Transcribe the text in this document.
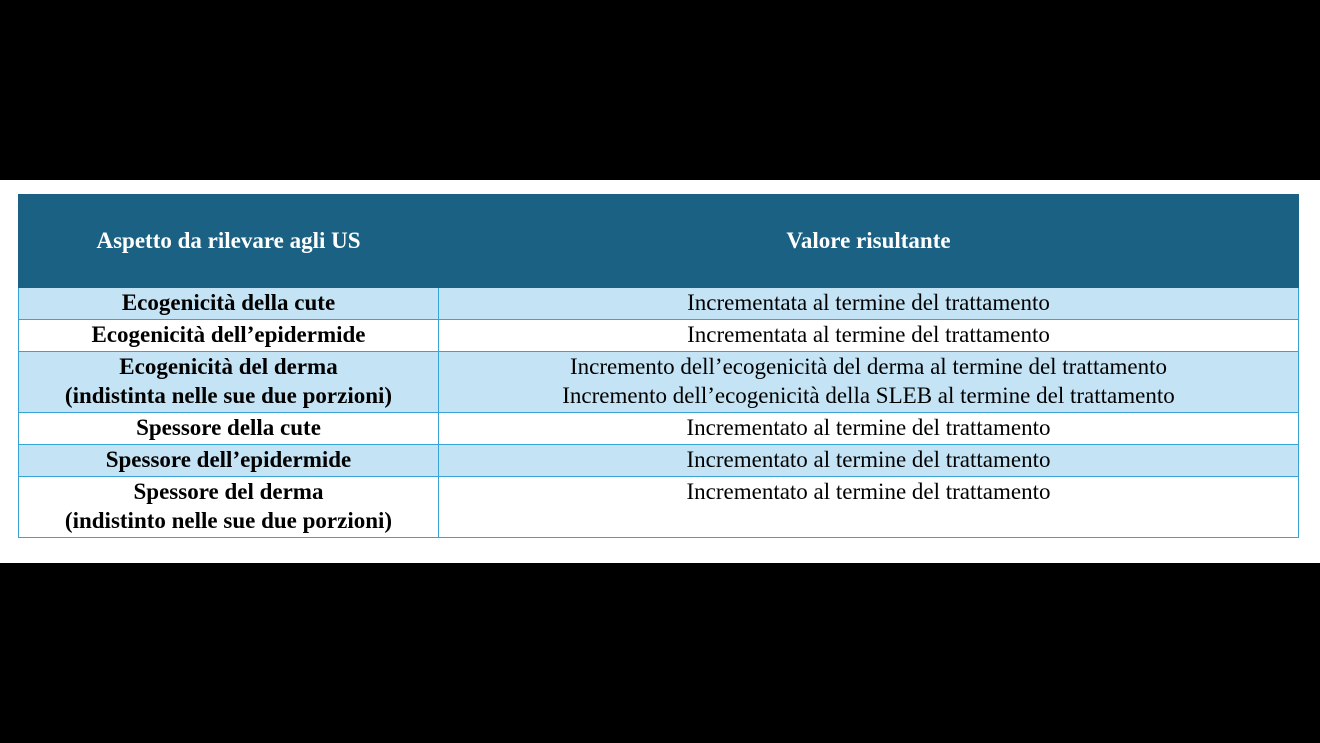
Aspetto da rilevare agli US	Valore risultante

Ecogenicità della cute	Incrementata al termine del trattamento

Ecogenicità dell’epidermide	Incrementata al termine del trattamento

Ecogenicità del derma
(indistinta nelle sue due porzioni)	Incremento dell’ecogenicità del derma al termine del trattamento
Incremento dell’ecogenicità della SLEB al termine del trattamento

Spessore della cute	Incrementato al termine del trattamento

Spessore dell’epidermide	Incrementato al termine del trattamento

Spessore del derma
(indistinto nelle sue due porzioni)	Incrementato al termine del trattamento
